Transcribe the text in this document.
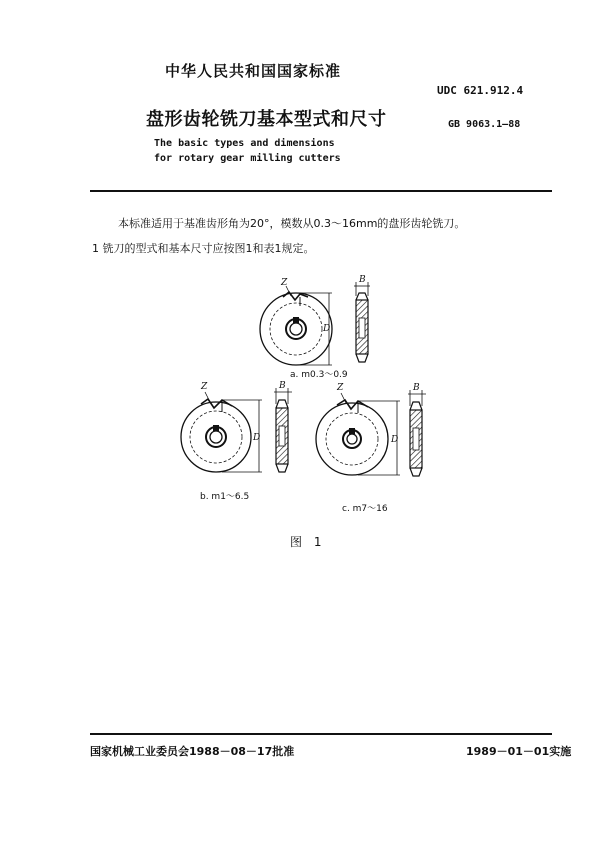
中华人民共和国国家标准
UDC 621.912.4
盘形齿轮铣刀基本型式和尺寸	GB 9063.1—88
The basic types and dimensions
for rotary gear milling cutters
本标准适用于基准齿形角为20°，模数从0.3～16mm的盘形齿轮铣刀。
1 铣刀的型式和基本尺寸应按图1和表1规定。
Z
D
B
a. m0.3～0.9
Z
D
B
b. m1～6.5
Z
D
B
c. m7～16
图 1
国家机械工业委员会1988－08－17批准	1989－01－01实施
